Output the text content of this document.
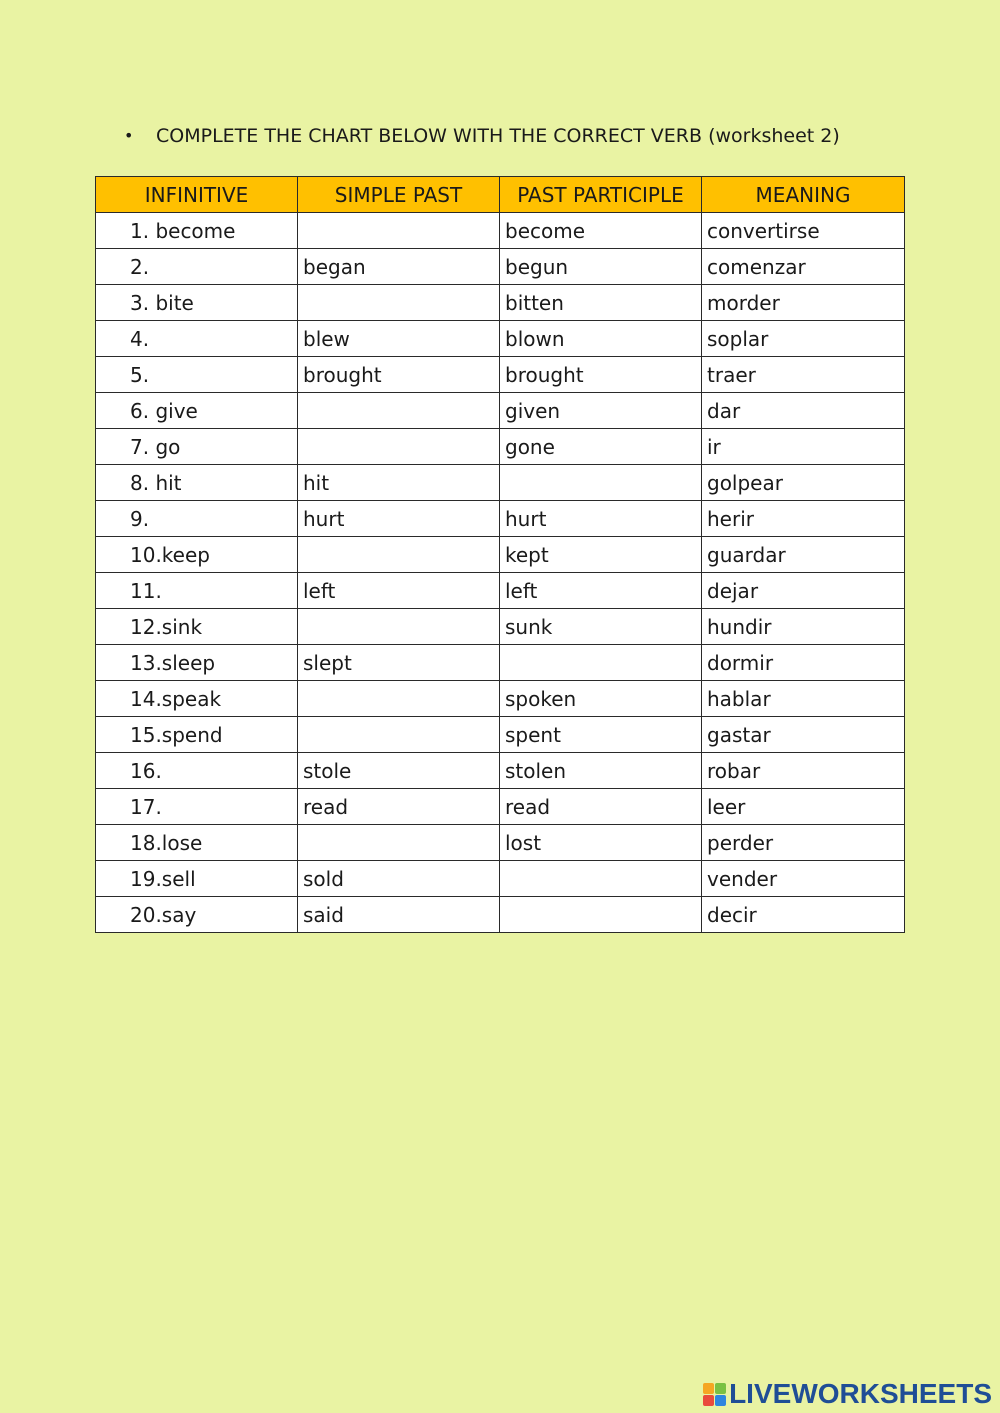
•	COMPLETE THE CHART BELOW WITH THE CORRECT VERB (worksheet 2)
INFINITIVE	SIMPLE PAST	PAST PARTICIPLE	MEANING
1. become		become	convertirse
2.	began	begun	comenzar
3. bite		bitten	morder
4.	blew	blown	soplar
5.	brought	brought	traer
6. give		given	dar
7. go		gone	ir
8. hit	hit		golpear
9.	hurt	hurt	herir
10.keep		kept	guardar
11.	left	left	dejar
12.sink		sunk	hundir
13.sleep	slept		dormir
14.speak		spoken	hablar
15.spend		spent	gastar
16.	stole	stolen	robar
17.	read	read	leer
18.lose		lost	perder
19.sell	sold		vender
20.say	said		decir
LIVEWORKSHEETS
